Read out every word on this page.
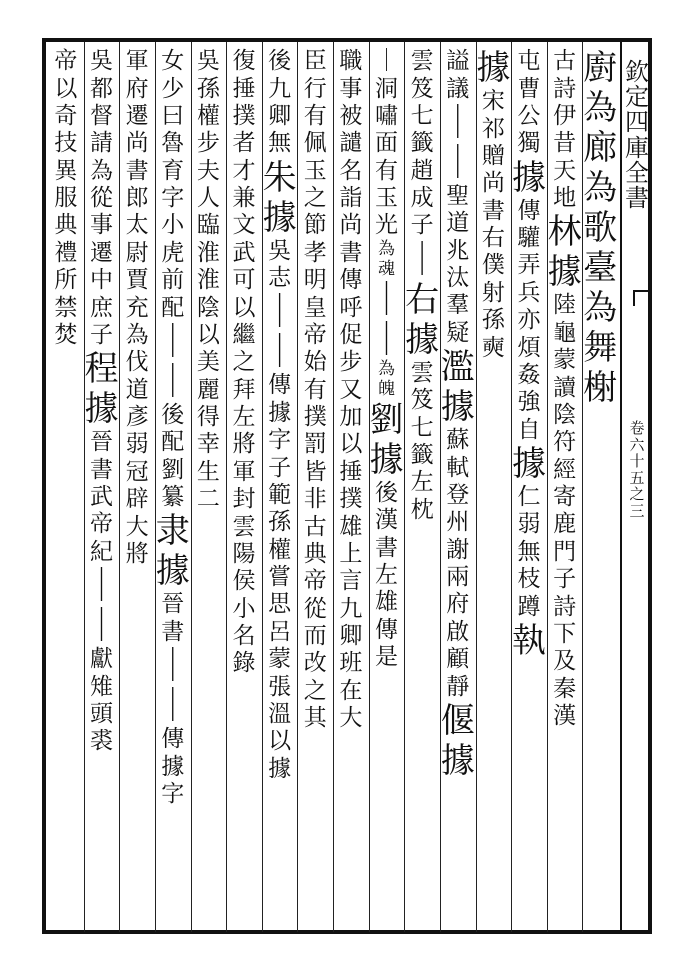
欽定四庫全書
卷六十五之三
廚
為
廊
為
歌
臺
為
舞
榭
古
詩
伊
昔
天
地
林
據
陸
龜
蒙
讀
陰
符
經
寄
鹿
門
子
詩
下
及
秦
漢
屯
曹
公
獨
據
傳
驩
弄
兵
亦
煩
姦
強
自
據
仁
弱
無
枝
蹲
執
據
宋
祁
贈
尚
書
右
僕
射
孫
奭
謚
議
｜
｜
聖
道
兆
汰
羣
疑
濫
據
蘇
軾
登
州
謝
兩
府
啟
顧
靜
偃
據
雲
笈
七
籤
趙
成
子
｜
右
據
雲
笈
七
籤
左
枕
｜
洞
嘯
面
有
玉
光
為
魂
｜
｜
為
魄
劉
據
後
漢
書
左
雄
傳
是
職
事
被
譴
名
詣
尚
書
傳
呼
促
步
又
加
以
捶
撲
雄
上
言
九
卿
班
在
大
臣
行
有
佩
玉
之
節
孝
明
皇
帝
始
有
撲
罰
皆
非
古
典
帝
從
而
改
之
其
後
九
卿
無
朱
據
吳
志
｜
｜
傳
據
字
子
範
孫
權
嘗
思
呂
蒙
張
溫
以
據
復
捶
撲
者
才
兼
文
武
可
以
繼
之
拜
左
將
軍
封
雲
陽
侯
小
名
錄
吳
孫
權
步
夫
人
臨
淮
淮
陰
以
美
麗
得
幸
生
二
女
少
曰
魯
育
字
小
虎
前
配
｜
｜
後
配
劉
纂
隶
據
晉
書
｜
｜
傳
據
字
軍
府
遷
尚
書
郎
太
尉
賈
充
為
伐
道
彥
弱
冠
辟
大
將
吳
都
督
請
為
從
事
遷
中
庶
子
程
據
晉
書
武
帝
紀
｜
｜
獻
雉
頭
裘
帝
以
奇
技
異
服
典
禮
所
禁
焚
